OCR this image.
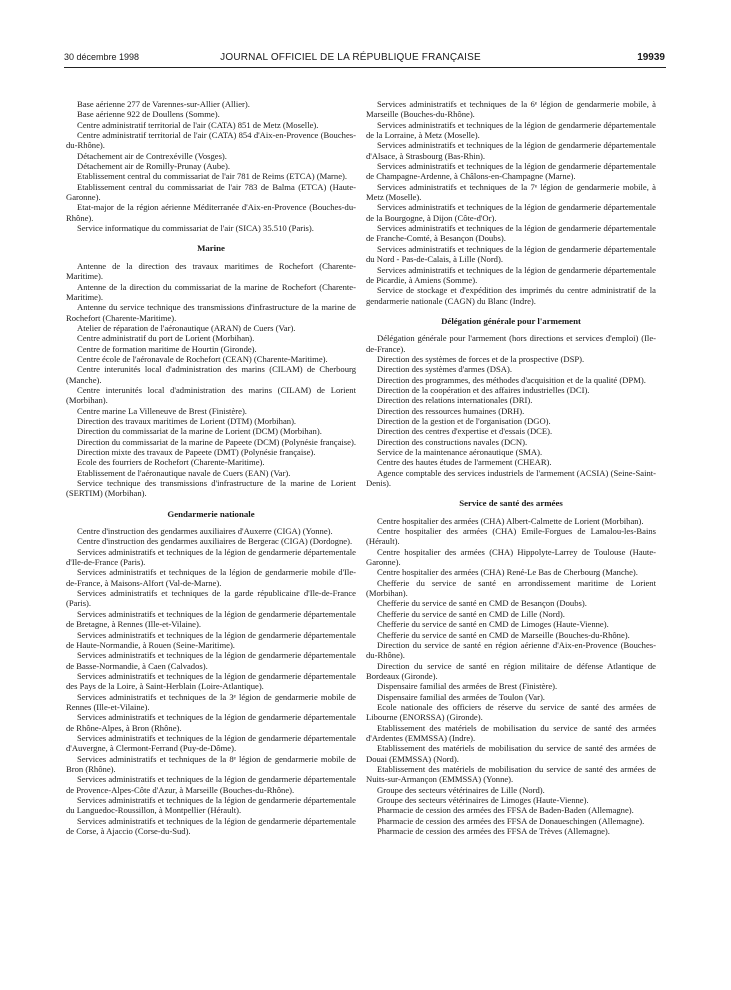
30 décembre 1998	JOURNAL OFFICIEL DE LA RÉPUBLIQUE FRANÇAISE	19939

Base aérienne 277 de Varennes-sur-Allier (Allier).

Base aérienne 922 de Doullens (Somme).

Centre administratif territorial de l'air (CATA) 851 de Metz (Moselle).

Centre administratif territorial de l'air (CATA) 854 d'Aix-en-Provence (Bouches-du-Rhône).

Détachement air de Contrexéville (Vosges).

Détachement air de Romilly-Prunay (Aube).

Etablissement central du commissariat de l'air 781 de Reims (ETCA) (Marne).

Etablissement central du commissariat de l'air 783 de Balma (ETCA) (Haute-Garonne).

Etat-major de la région aérienne Méditerranée d'Aix-en-Provence (Bouches-du-Rhône).

Service informatique du commissariat de l'air (SICA) 35.510 (Paris).

Marine

Antenne de la direction des travaux maritimes de Rochefort (Charente-Maritime).

Antenne de la direction du commissariat de la marine de Rochefort (Charente-Maritime).

Antenne du service technique des transmissions d'infrastructure de la marine de Rochefort (Charente-Maritime).

Atelier de réparation de l'aéronautique (ARAN) de Cuers (Var).

Centre administratif du port de Lorient (Morbihan).

Centre de formation maritime de Hourtin (Gironde).

Centre école de l'aéronavale de Rochefort (CEAN) (Charente-Maritime).

Centre interunités local d'administration des marins (CILAM) de Cherbourg (Manche).

Centre interunités local d'administration des marins (CILAM) de Lorient (Morbihan).

Centre marine La Villeneuve de Brest (Finistère).

Direction des travaux maritimes de Lorient (DTM) (Morbihan).

Direction du commissariat de la marine de Lorient (DCM) (Morbihan).

Direction du commissariat de la marine de Papeete (DCM) (Polynésie française).

Direction mixte des travaux de Papeete (DMT) (Polynésie française).

Ecole des fourriers de Rochefort (Charente-Maritime).

Etablissement de l'aéronautique navale de Cuers (EAN) (Var).

Service technique des transmissions d'infrastructure de la marine de Lorient (SERTIM) (Morbihan).

Gendarmerie nationale

Centre d'instruction des gendarmes auxiliaires d'Auxerre (CIGA) (Yonne).

Centre d'instruction des gendarmes auxiliaires de Bergerac (CIGA) (Dordogne).

Services administratifs et techniques de la légion de gendarmerie départementale d'Ile-de-France (Paris).

Services administratifs et techniques de la légion de gendarmerie mobile d'Ile-de-France, à Maisons-Alfort (Val-de-Marne).

Services administratifs et techniques de la garde républicaine d'Ile-de-France (Paris).

Services administratifs et techniques de la légion de gendarmerie départementale de Bretagne, à Rennes (Ille-et-Vilaine).

Services administratifs et techniques de la légion de gendarmerie départementale de Haute-Normandie, à Rouen (Seine-Maritime).

Services administratifs et techniques de la légion de gendarmerie départementale de Basse-Normandie, à Caen (Calvados).

Services administratifs et techniques de la légion de gendarmerie départementale des Pays de la Loire, à Saint-Herblain (Loire-Atlantique).

Services administratifs et techniques de la 3ᵉ légion de gendarmerie mobile de Rennes (Ille-et-Vilaine).

Services administratifs et techniques de la légion de gendarmerie départementale de Rhône-Alpes, à Bron (Rhône).

Services administratifs et techniques de la légion de gendarmerie départementale d'Auvergne, à Clermont-Ferrand (Puy-de-Dôme).

Services administratifs et techniques de la 8ᵉ légion de gendarmerie mobile de Bron (Rhône).

Services administratifs et techniques de la légion de gendarmerie départementale de Provence-Alpes-Côte d'Azur, à Marseille (Bouches-du-Rhône).

Services administratifs et techniques de la légion de gendarmerie départementale du Languedoc-Roussillon, à Montpellier (Hérault).

Services administratifs et techniques de la légion de gendarmerie départementale de Corse, à Ajaccio (Corse-du-Sud).

Services administratifs et techniques de la 6ᵉ légion de gendarmerie mobile, à Marseille (Bouches-du-Rhône).

Services administratifs et techniques de la légion de gendarmerie départementale de la Lorraine, à Metz (Moselle).

Services administratifs et techniques de la légion de gendarmerie départementale d'Alsace, à Strasbourg (Bas-Rhin).

Services administratifs et techniques de la légion de gendarmerie départementale de Champagne-Ardenne, à Châlons-en-Champagne (Marne).

Services administratifs et techniques de la 7ᵉ légion de gendarmerie mobile, à Metz (Moselle).

Services administratifs et techniques de la légion de gendarmerie départementale de la Bourgogne, à Dijon (Côte-d'Or).

Services administratifs et techniques de la légion de gendarmerie départementale de Franche-Comté, à Besançon (Doubs).

Services administratifs et techniques de la légion de gendarmerie départementale du Nord - Pas-de-Calais, à Lille (Nord).

Services administratifs et techniques de la légion de gendarmerie départementale de Picardie, à Amiens (Somme).

Service de stockage et d'expédition des imprimés du centre administratif de la gendarmerie nationale (CAGN) du Blanc (Indre).

Délégation générale pour l'armement

Délégation générale pour l'armement (hors directions et services d'emploi) (Ile-de-France).

Direction des systèmes de forces et de la prospective (DSP).

Direction des systèmes d'armes (DSA).

Direction des programmes, des méthodes d'acquisition et de la qualité (DPM).

Direction de la coopération et des affaires industrielles (DCI).

Direction des relations internationales (DRI).

Direction des ressources humaines (DRH).

Direction de la gestion et de l'organisation (DGO).

Direction des centres d'expertise et d'essais (DCE).

Direction des constructions navales (DCN).

Service de la maintenance aéronautique (SMA).

Centre des hautes études de l'armement (CHEAR).

Agence comptable des services industriels de l'armement (ACSIA) (Seine-Saint-Denis).

Service de santé des armées

Centre hospitalier des armées (CHA) Albert-Calmette de Lorient (Morbihan).

Centre hospitalier des armées (CHA) Emile-Forgues de Lamalou-les-Bains (Hérault).

Centre hospitalier des armées (CHA) Hippolyte-Larrey de Toulouse (Haute-Garonne).

Centre hospitalier des armées (CHA) René-Le Bas de Cherbourg (Manche).

Chefferie du service de santé en arrondissement maritime de Lorient (Morbihan).

Chefferie du service de santé en CMD de Besançon (Doubs).

Chefferie du service de santé en CMD de Lille (Nord).

Chefferie du service de santé en CMD de Limoges (Haute-Vienne).

Chefferie du service de santé en CMD de Marseille (Bouches-du-Rhône).

Direction du service de santé en région aérienne d'Aix-en-Provence (Bouches-du-Rhône).

Direction du service de santé en région militaire de défense Atlantique de Bordeaux (Gironde).

Dispensaire familial des armées de Brest (Finistère).

Dispensaire familial des armées de Toulon (Var).

Ecole nationale des officiers de réserve du service de santé des armées de Libourne (ENORSSA) (Gironde).

Etablissement des matériels de mobilisation du service de santé des armées d'Ardentes (EMMSSA) (Indre).

Etablissement des matériels de mobilisation du service de santé des armées de Douai (EMMSSA) (Nord).

Etablissement des matériels de mobilisation du service de santé des armées de Nuits-sur-Armançon (EMMSSA) (Yonne).

Groupe des secteurs vétérinaires de Lille (Nord).

Groupe des secteurs vétérinaires de Limoges (Haute-Vienne).

Pharmacie de cession des armées des FFSA de Baden-Baden (Allemagne).

Pharmacie de cession des armées des FFSA de Donaueschingen (Allemagne).

Pharmacie de cession des armées des FFSA de Trèves (Allemagne).
